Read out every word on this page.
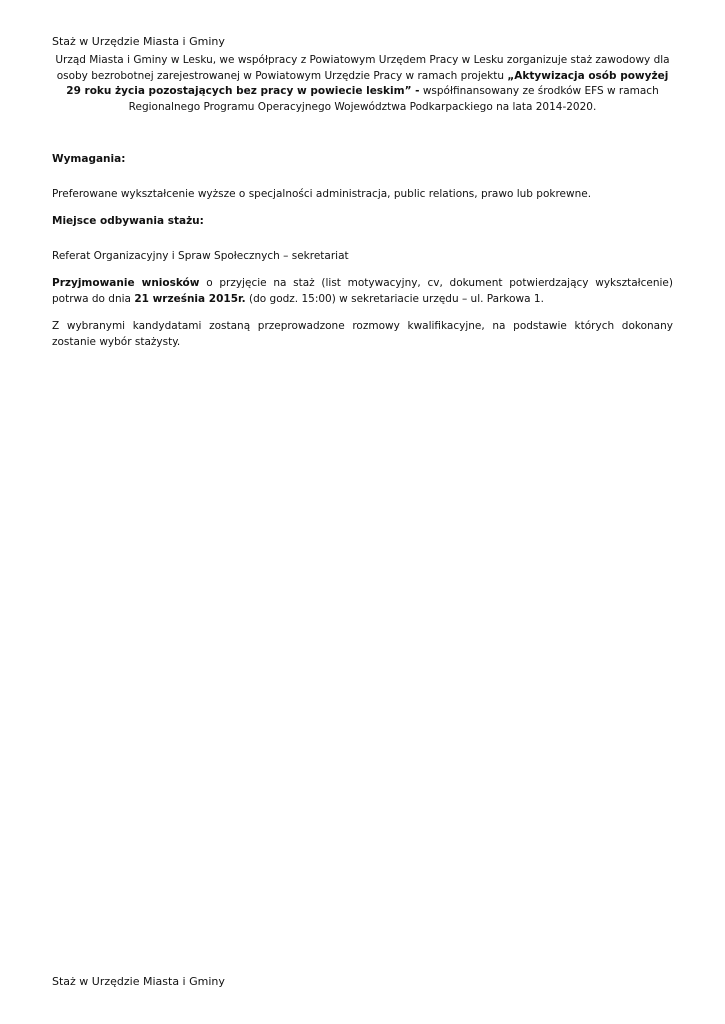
Staż w Urzędzie Miasta i Gminy
Urząd Miasta i Gminy w Lesku, we współpracy z Powiatowym Urzędem Pracy w Lesku zorganizuje staż zawodowy dla osoby bezrobotnej zarejestrowanej w Powiatowym Urzędzie Pracy w ramach projektu „Aktywizacja osób powyżej 29 roku życia pozostających bez pracy w powiecie leskim” - współfinansowany ze środków EFS w ramach Regionalnego Programu Operacyjnego Województwa Podkarpackiego na lata 2014-2020.

Wymagania:

Preferowane wykształcenie wyższe o specjalności administracja, public relations, prawo lub pokrewne.

Miejsce odbywania stażu:

Referat Organizacyjny i Spraw Społecznych – sekretariat

Przyjmowanie wniosków o przyjęcie na staż (list motywacyjny, cv, dokument potwierdzający wykształcenie) potrwa do dnia 21 września 2015r. (do godz. 15:00) w sekretariacie urzędu – ul. Parkowa 1.

Z wybranymi kandydatami zostaną przeprowadzone rozmowy kwalifikacyjne, na podstawie których dokonany zostanie wybór stażysty.

Staż w Urzędzie Miasta i Gminy
